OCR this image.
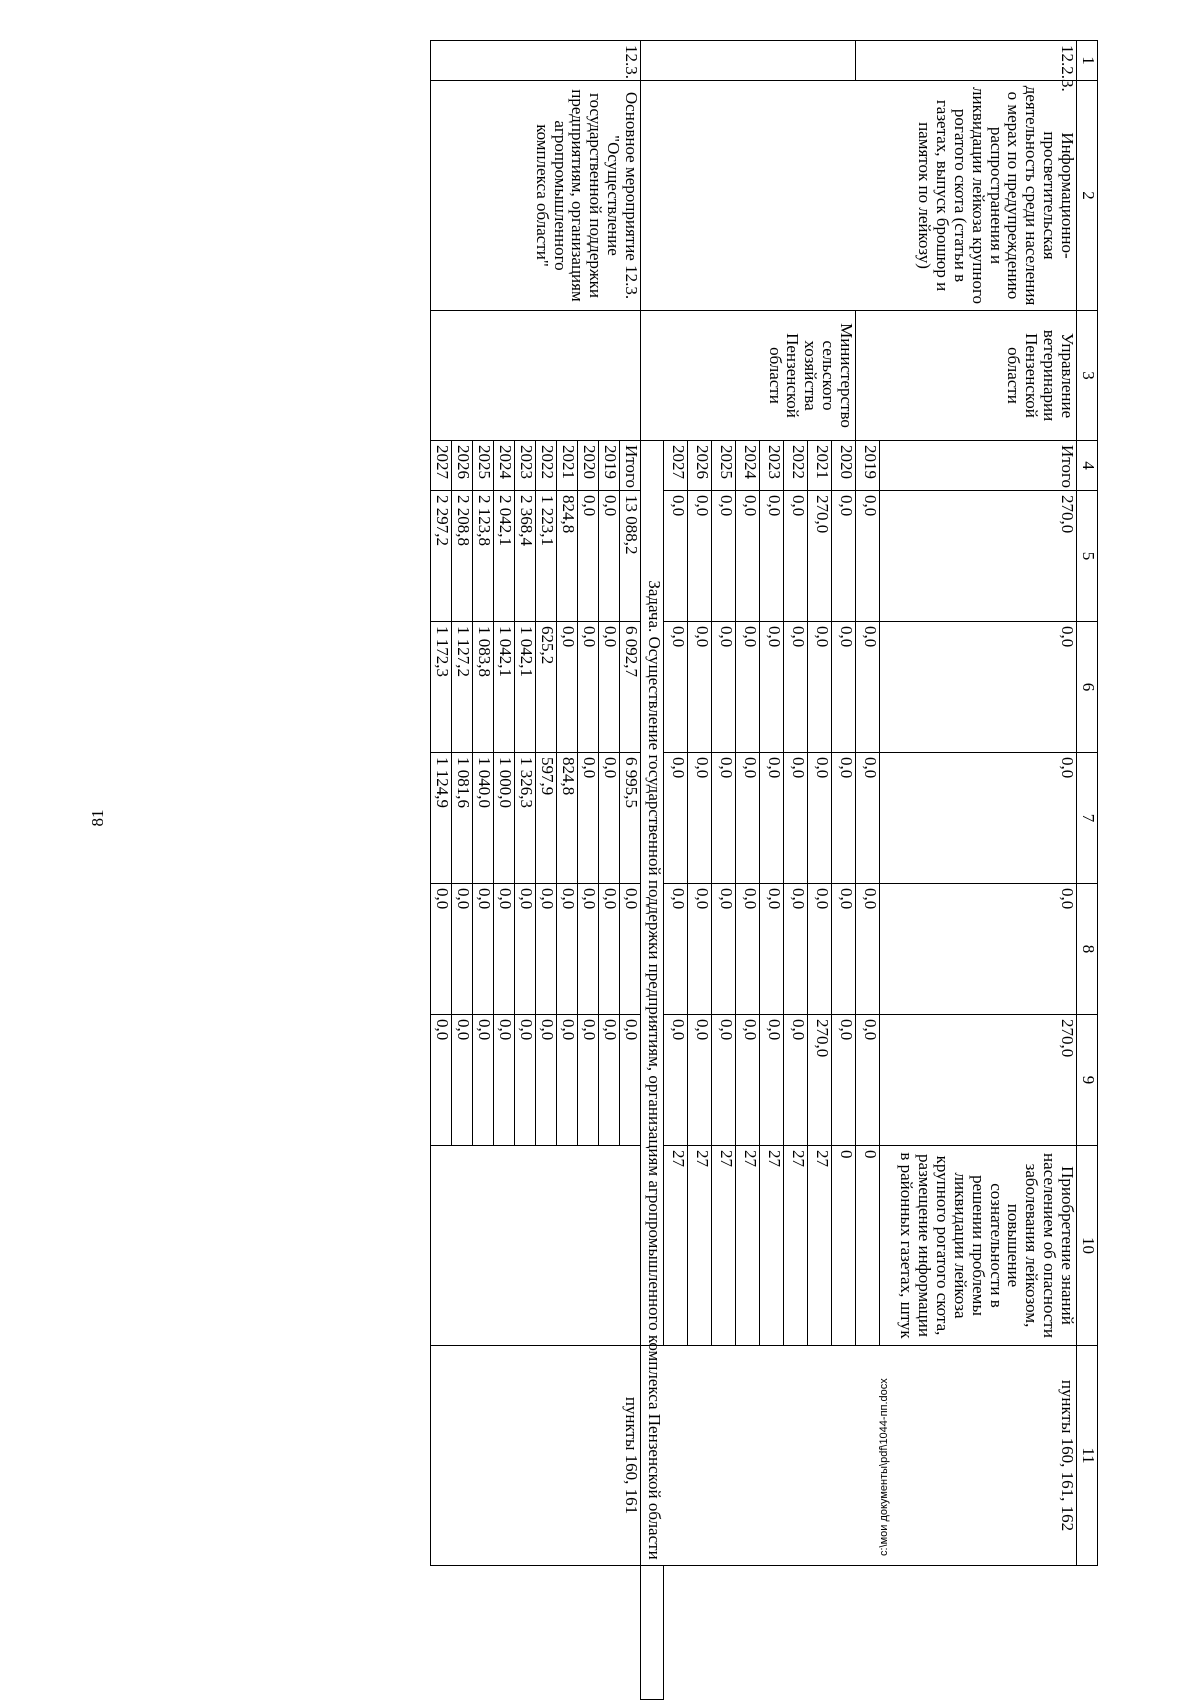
81
c:\мои документы\pdf\1044-пп.docx
1	2	3	4	5	6	7	8	9	10	11
12.2.3.	Информационно-просветительская деятельность среди населения о мерах по предупреждению распространения и ликвидации лейкоза крупного рогатого скота (статьи в газетах, выпуск брошюр и памяток по лейкозу)	Управление ветеринарии Пензенской области	Итого	270,0	0,0	0,0	0,0	270,0	Приобретение знаний населением об опасности заболевания лейкозом, повышение сознательности в решении проблемы ликвидации лейкоза крупного рогатого скота, размещение информации в районных газетах, штук	пункты 160, 161, 162
			2019	0,0	0,0	0,0	0,0	0,0	0	
		Министерство сельского хозяйства Пензенской области	2020	0,0	0,0	0,0	0,0	0,0	0	
			2021	270,0	0,0	0,0	0,0	270,0	27	
			2022	0,0	0,0	0,0	0,0	0,0	27	
			2023	0,0	0,0	0,0	0,0	0,0	27	
			2024	0,0	0,0	0,0	0,0	0,0	27	
			2025	0,0	0,0	0,0	0,0	0,0	27	
			2026	0,0	0,0	0,0	0,0	0,0	27	
			2027	0,0	0,0	0,0	0,0	0,0	27	
			Задача. Осуществление государственной поддержки предприятиям, организациям агропромышленного комплекса Пензенской области							
12.3.	Основное мероприятие 12.3. "Осуществление государственной поддержки предприятиям, организациям агропромышленного комплекса области"		Итого	13 088,2	6 092,7	6 995,5	0,0	0,0		пункты 160, 161
			2019	0,0	0,0	0,0	0,0	0,0		
			2020	0,0	0,0	0,0	0,0	0,0		
			2021	824,8	0,0	824,8	0,0	0,0		
			2022	1 223,1	625,2	597,9	0,0	0,0		
			2023	2 368,4	1 042,1	1 326,3	0,0	0,0		
			2024	2 042,1	1 042,1	1 000,0	0,0	0,0		
			2025	2 123,8	1 083,8	1 040,0	0,0	0,0		
			2026	2 208,8	1 127,2	1 081,6	0,0	0,0		
			2027	2 297,2	1 172,3	1 124,9	0,0	0,0		
